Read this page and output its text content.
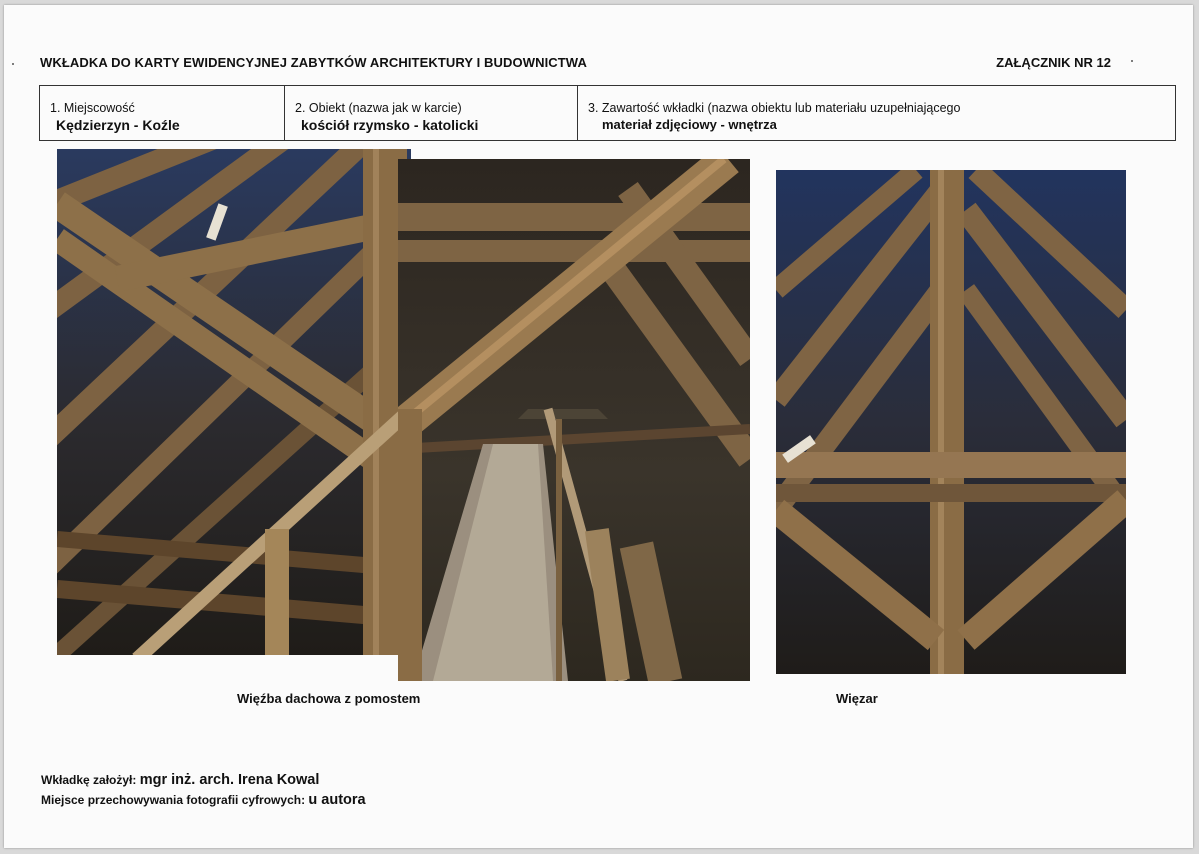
WKŁADKA DO KARTY EWIDENCYJNEJ ZABYTKÓW ARCHITEKTURY I BUDOWNICTWA	ZAŁĄCZNIK NR 12
1. Miejscowość
Kędzierzyn - Koźle
2. Obiekt (nazwa jak w karcie)
kościół rzymsko - katolicki
3. Zawartość wkładki (nazwa obiektu lub materiału uzupełniającego
materiał zdjęciowy - wnętrza
Więźba dachowa z pomostem	Więzar
Wkładkę założył: mgr inż. arch. Irena Kowal
Miejsce przechowywania fotografii cyfrowych: u autora
